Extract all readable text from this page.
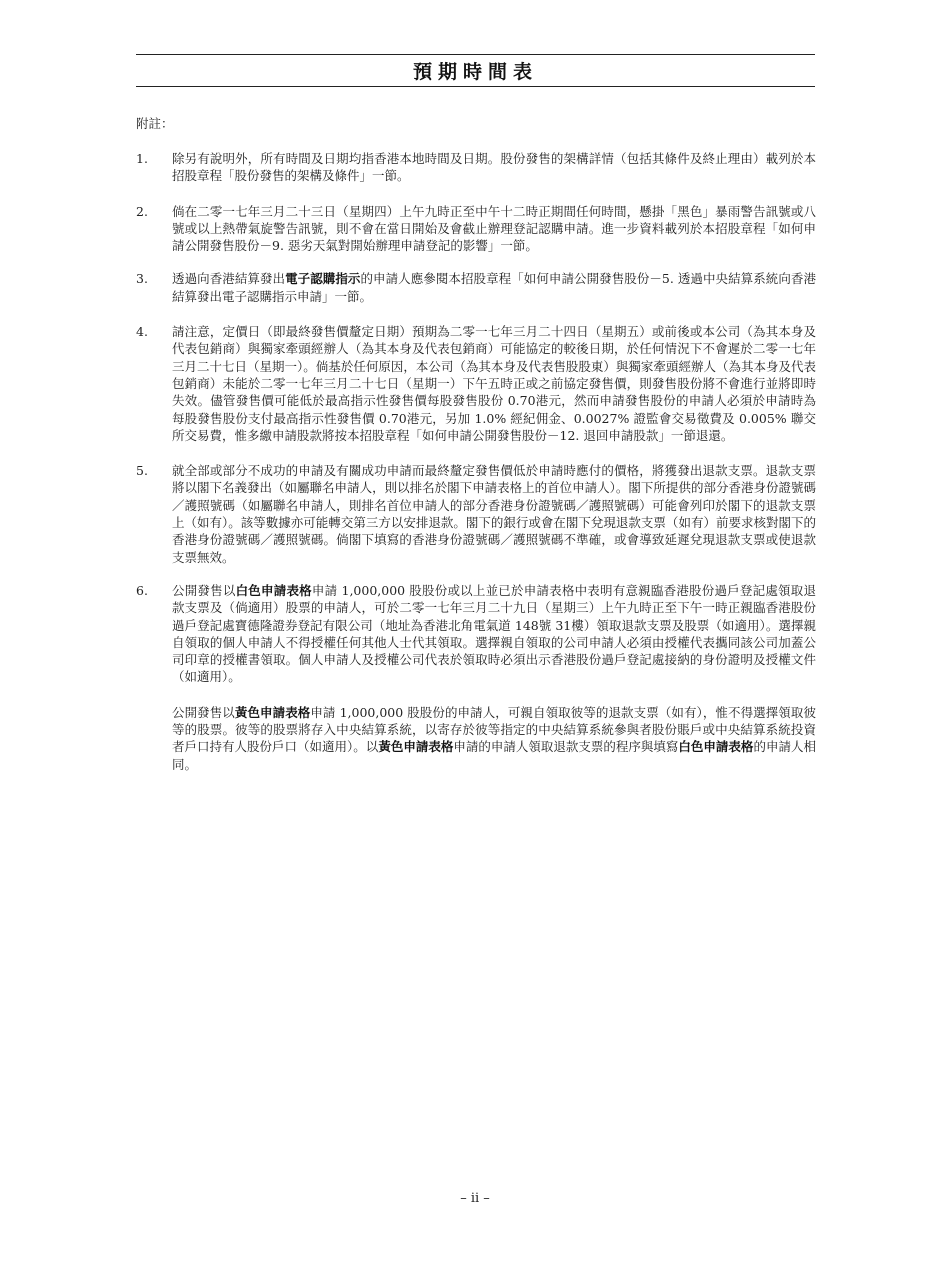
預期時間表
附註：
1. 除另有說明外，所有時間及日期均指香港本地時間及日期。股份發售的架構詳情（包括其條件及終止理由）載列於本招股章程「股份發售的架構及條件」一節。

2. 倘在二零一七年三月二十三日（星期四）上午九時正至中午十二時正期間任何時間，懸掛「黑色」暴雨警告訊號或八號或以上熱帶氣旋警告訊號，則不會在當日開始及會截止辦理登記認購申請。進一步資料載列於本招股章程「如何申請公開發售股份－9. 惡劣天氣對開始辦理申請登記的影響」一節。

3. 透過向香港結算發出電子認購指示的申請人應參閱本招股章程「如何申請公開發售股份－5. 透過中央結算系統向香港結算發出電子認購指示申請」一節。

4. 請注意，定價日（即最終發售價釐定日期）預期為二零一七年三月二十四日（星期五）或前後或本公司（為其本身及代表包銷商）與獨家牽頭經辦人（為其本身及代表包銷商）可能協定的較後日期，於任何情況下不會遲於二零一七年三月二十七日（星期一）。倘基於任何原因，本公司（為其本身及代表售股股東）與獨家牽頭經辦人（為其本身及代表包銷商）未能於二零一七年三月二十七日（星期一）下午五時正或之前協定發售價，則發售股份將不會進行並將即時失效。儘管發售價可能低於最高指示性發售價每股發售股份 0.70港元，然而申請發售股份的申請人必須於申請時為每股發售股份支付最高指示性發售價 0.70港元，另加 1.0% 經紀佣金、0.0027% 證監會交易徵費及 0.005% 聯交所交易費，惟多繳申請股款將按本招股章程「如何申請公開發售股份－12. 退回申請股款」一節退還。

5. 就全部或部分不成功的申請及有關成功申請而最終釐定發售價低於申請時應付的價格，將獲發出退款支票。退款支票將以閣下名義發出（如屬聯名申請人，則以排名於閣下申請表格上的首位申請人）。閣下所提供的部分香港身份證號碼／護照號碼（如屬聯名申請人，則排名首位申請人的部分香港身份證號碼／護照號碼）可能會列印於閣下的退款支票上（如有）。該等數據亦可能轉交第三方以安排退款。閣下的銀行或會在閣下兌現退款支票（如有）前要求核對閣下的香港身份證號碼／護照號碼。倘閣下填寫的香港身份證號碼／護照號碼不準確，或會導致延遲兌現退款支票或使退款支票無效。

6. 公開發售以白色申請表格申請 1,000,000 股股份或以上並已於申請表格中表明有意親臨香港股份過戶登記處領取退款支票及（倘適用）股票的申請人，可於二零一七年三月二十九日（星期三）上午九時正至下午一時正親臨香港股份過戶登記處寶德隆證券登記有限公司（地址為香港北角電氣道 148號 31樓）領取退款支票及股票（如適用）。選擇親自領取的個人申請人不得授權任何其他人士代其領取。選擇親自領取的公司申請人必須由授權代表攜同該公司加蓋公司印章的授權書領取。個人申請人及授權公司代表於領取時必須出示香港股份過戶登記處接納的身份證明及授權文件（如適用）。

公開發售以黃色申請表格申請 1,000,000 股股份的申請人，可親自領取彼等的退款支票（如有），惟不得選擇領取彼等的股票。彼等的股票將存入中央結算系統，以寄存於彼等指定的中央結算系統參與者股份賬戶或中央結算系統投資者戶口持有人股份戶口（如適用）。以黃色申請表格申請的申請人領取退款支票的程序與填寫白色申請表格的申請人相同。

– ii –
